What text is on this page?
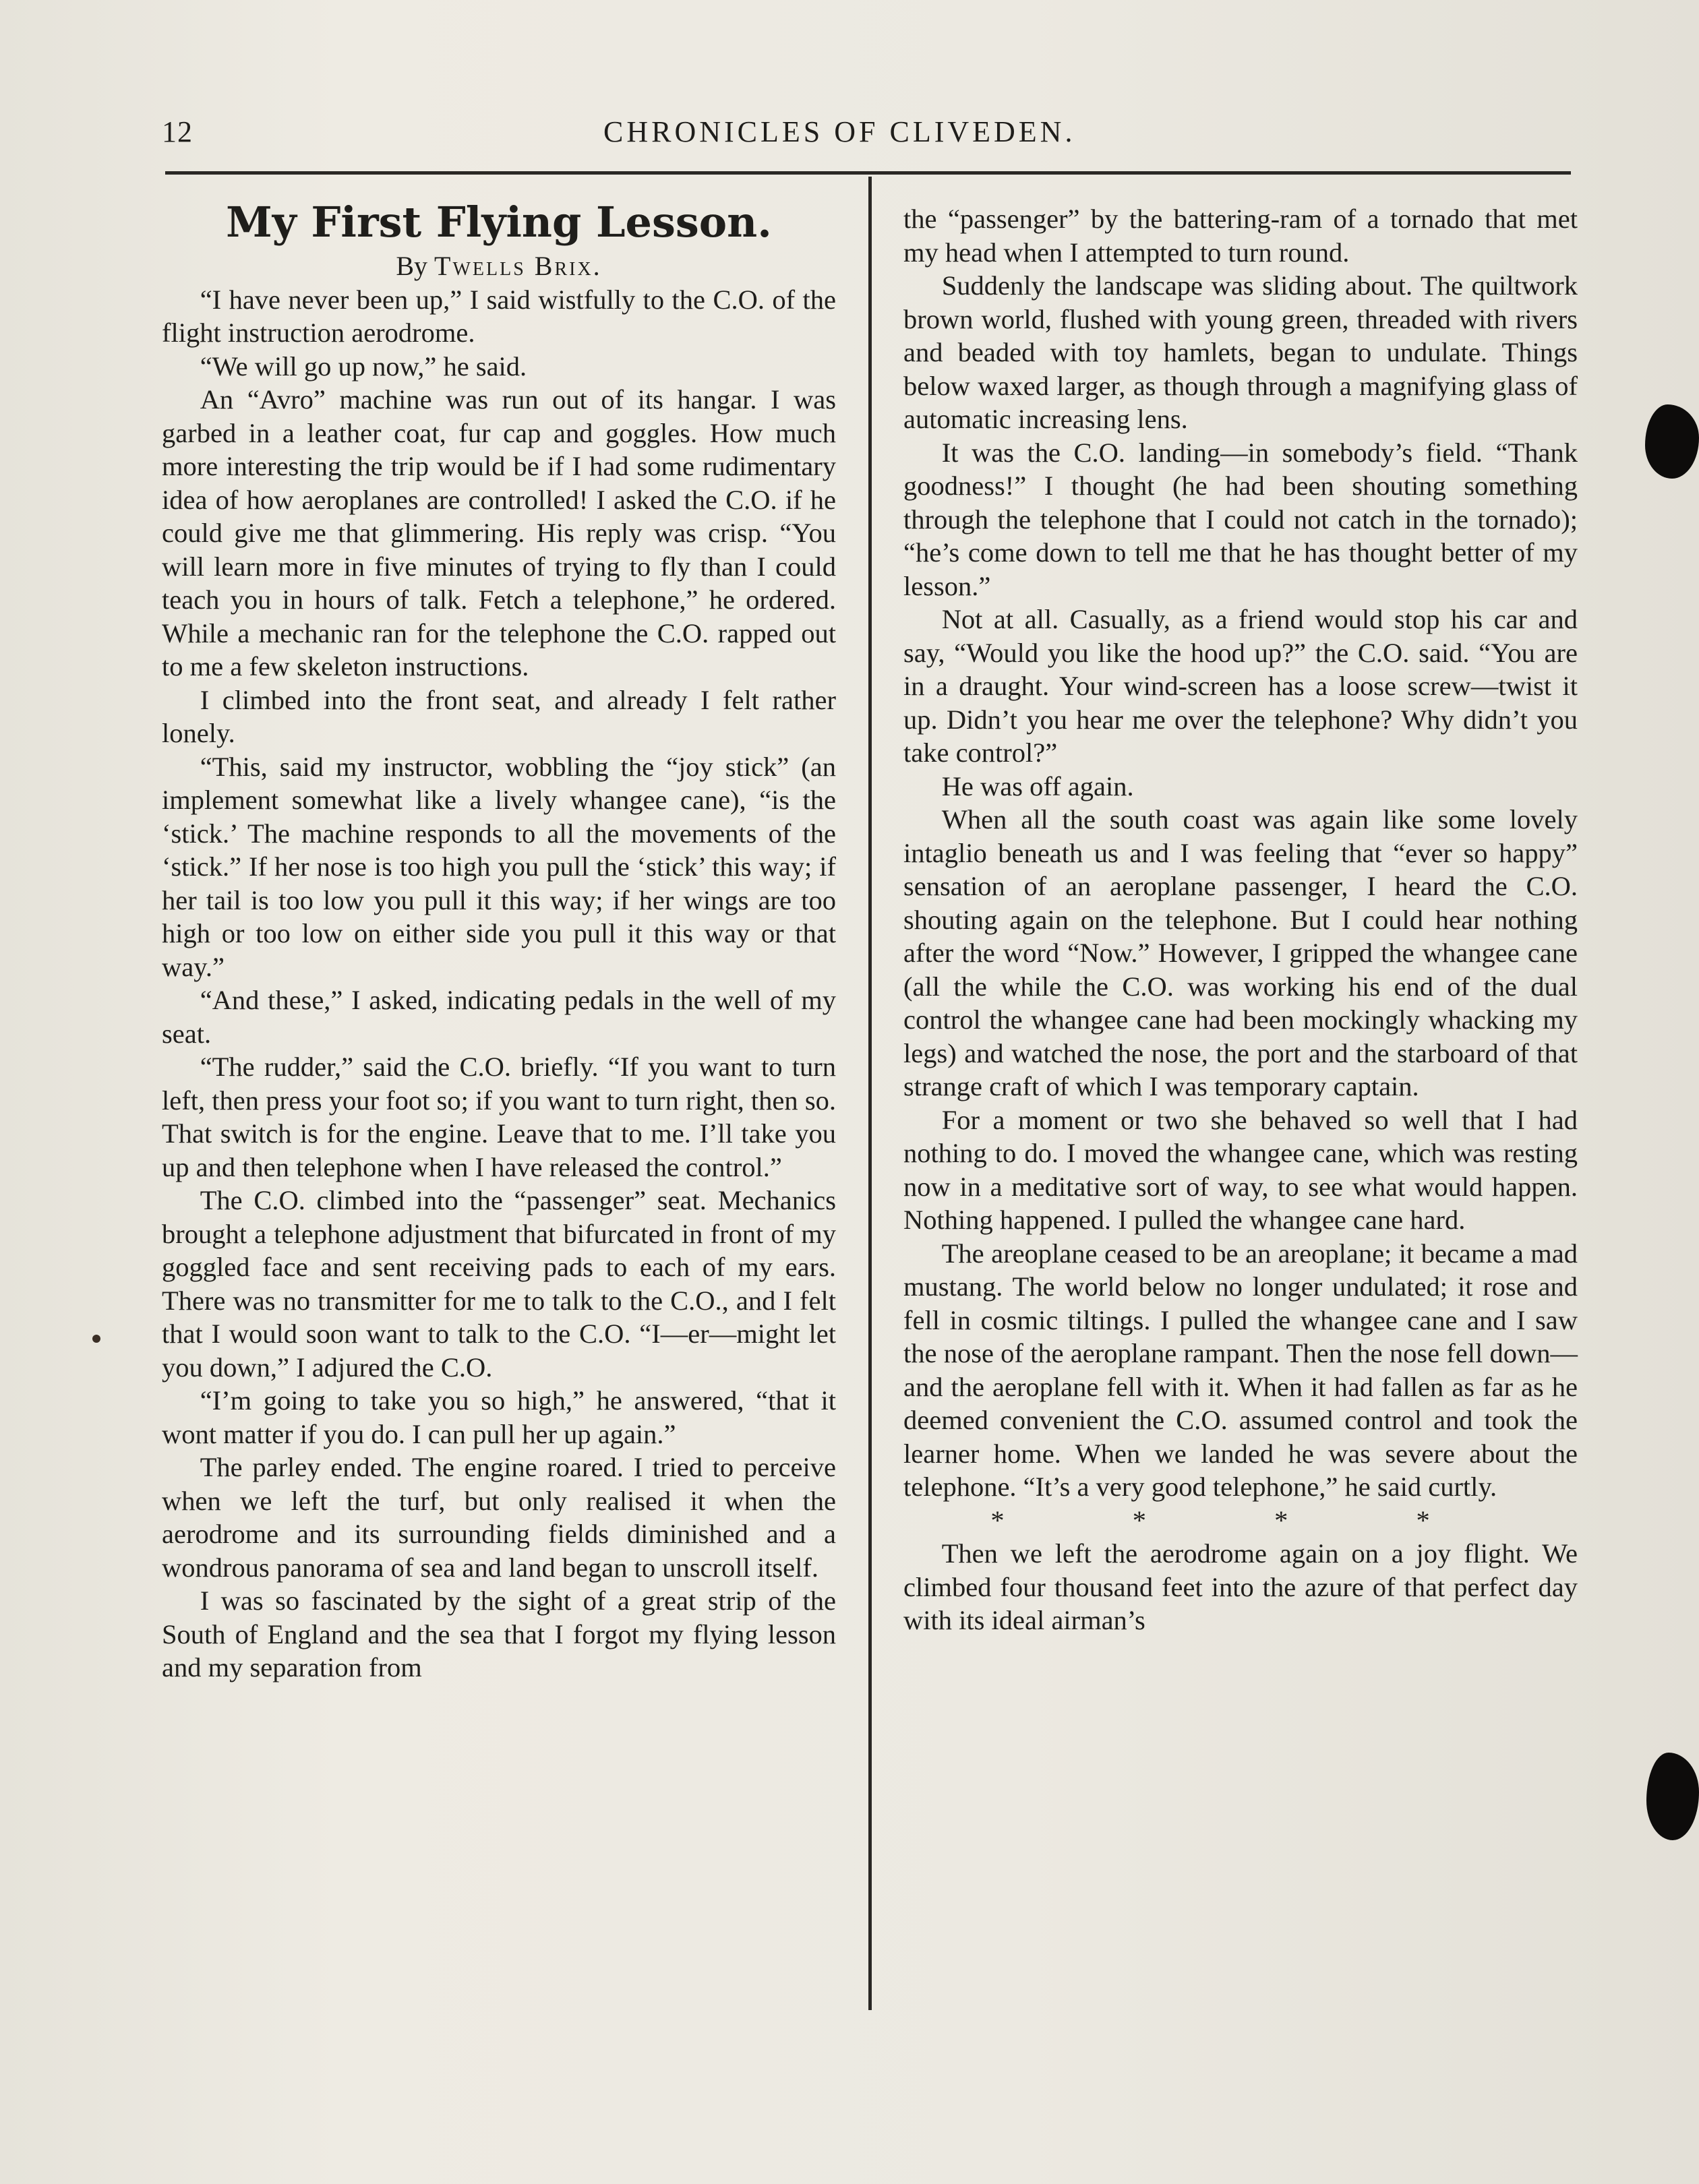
12	CHRONICLES OF CLIVEDEN.

My First Flying Lesson.

By Twells Brix.

“I have never been up,” I said wistfully to the C.O. of the flight instruction aerodrome.

“We will go up now,” he said.

An “Avro” machine was run out of its hangar. I was garbed in a leather coat, fur cap and goggles. How much more interesting the trip would be if I had some rudimentary idea of how aeroplanes are controlled! I asked the C.O. if he could give me that glimmering. His reply was crisp. “You will learn more in five minutes of trying to fly than I could teach you in hours of talk. Fetch a telephone,” he ordered. While a mechanic ran for the telephone the C.O. rapped out to me a few skeleton instructions.

I climbed into the front seat, and already I felt rather lonely.

“This, said my instructor, wobbling the “joy stick” (an implement somewhat like a lively whangee cane), “is the ‘stick.’ The machine responds to all the movements of the ‘stick.” If her nose is too high you pull the ‘stick’ this way; if her tail is too low you pull it this way; if her wings are too high or too low on either side you pull it this way or that way.”

“And these,” I asked, indicating pedals in the well of my seat.

“The rudder,” said the C.O. briefly. “If you want to turn left, then press your foot so; if you want to turn right, then so. That switch is for the engine. Leave that to me. I’ll take you up and then telephone when I have released the control.”

The C.O. climbed into the “passenger” seat. Mechanics brought a telephone adjustment that bifurcated in front of my goggled face and sent receiving pads to each of my ears. There was no transmitter for me to talk to the C.O., and I felt that I would soon want to talk to the C.O. “I—er—might let you down,” I adjured the C.O.

“I’m going to take you so high,” he answered, “that it wont matter if you do. I can pull her up again.”

The parley ended. The engine roared. I tried to perceive when we left the turf, but only realised it when the aerodrome and its surrounding fields diminished and a wondrous panorama of sea and land began to unscroll itself.

I was so fascinated by the sight of a great strip of the South of England and the sea that I forgot my flying lesson and my separation from

the “passenger” by the battering-ram of a tornado that met my head when I attempted to turn round.

Suddenly the landscape was sliding about. The quiltwork brown world, flushed with young green, threaded with rivers and beaded with toy hamlets, began to undulate. Things below waxed larger, as though through a magnifying glass of automatic increasing lens.

It was the C.O. landing—in somebody’s field. “Thank goodness!” I thought (he had been shouting something through the telephone that I could not catch in the tornado); “he’s come down to tell me that he has thought better of my lesson.”

Not at all. Casually, as a friend would stop his car and say, “Would you like the hood up?” the C.O. said. “You are in a draught. Your wind-screen has a loose screw—twist it up. Didn’t you hear me over the telephone? Why didn’t you take control?”

He was off again.

When all the south coast was again like some lovely intaglio beneath us and I was feeling that “ever so happy” sensation of an aeroplane passenger, I heard the C.O. shouting again on the telephone. But I could hear nothing after the word “Now.” However, I gripped the whangee cane (all the while the C.O. was working his end of the dual control the whangee cane had been mockingly whacking my legs) and watched the nose, the port and the starboard of that strange craft of which I was temporary captain.

For a moment or two she behaved so well that I had nothing to do. I moved the whangee cane, which was resting now in a meditative sort of way, to see what would happen. Nothing happened. I pulled the whangee cane hard.

The areoplane ceased to be an areoplane; it became a mad mustang. The world below no longer undulated; it rose and fell in cosmic tiltings. I pulled the whangee cane and I saw the nose of the aeroplane rampant. Then the nose fell down—and the aeroplane fell with it. When it had fallen as far as he deemed convenient the C.O. assumed control and took the learner home. When we landed he was severe about the telephone. “It’s a very good telephone,” he said curtly.

* * * *

Then we left the aerodrome again on a joy flight. We climbed four thousand feet into the azure of that perfect day with its ideal airman’s
